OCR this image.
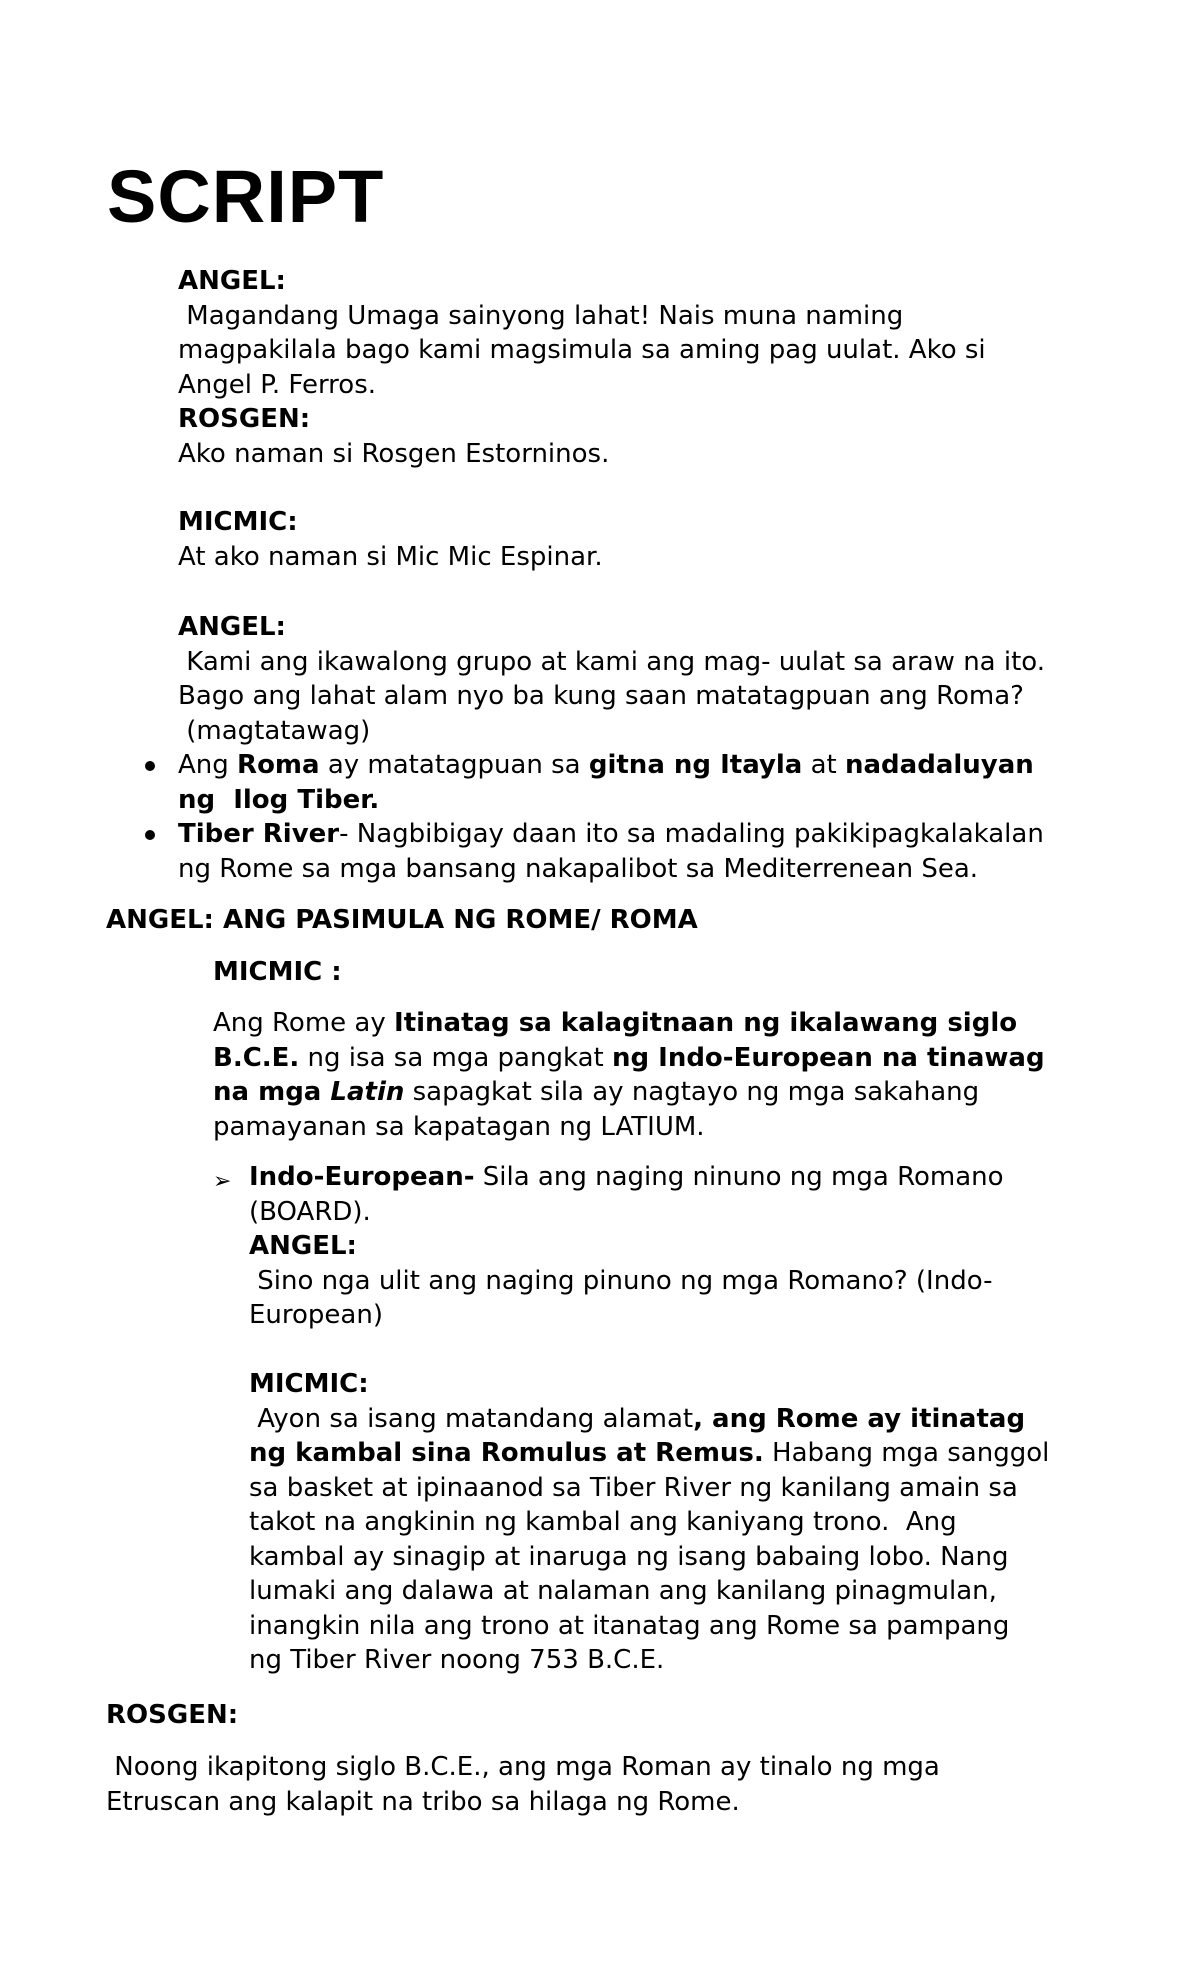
SCRIPT
ANGEL:
Magandang Umaga sainyong lahat! Nais muna naming magpakilala bago kami magsimula sa aming pag uulat. Ako si Angel P. Ferros.
ROSGEN:
Ako naman si Rosgen Estorninos.
MICMIC:
At ako naman si Mic Mic Espinar.
ANGEL:
Kami ang ikawalong grupo at kami ang mag- uulat sa araw na ito.
Bago ang lahat alam nyo ba kung saan matatagpuan ang Roma?
(magtatawag)
Ang Roma ay matatagpuan sa gitna ng Itayla at nadadaluyan
ng  Ilog Tiber.
Tiber River- Nagbibigay daan ito sa madaling pakikipagkalakalan
ng Rome sa mga bansang nakapalibot sa Mediterrenean Sea.
ANGEL: ANG PASIMULA NG ROME/ ROMA
MICMIC :
Ang Rome ay Itinatag sa kalagitnaan ng ikalawang siglo
B.C.E. ng isa sa mga pangkat ng Indo-European na tinawag
na mga Latin sapagkat sila ay nagtayo ng mga sakahang
pamayanan sa kapatagan ng LATIUM.
➢ Indo-European- Sila ang naging ninuno ng mga Romano
(BOARD).
ANGEL:
Sino nga ulit ang naging pinuno ng mga Romano? (Indo-
European)
MICMIC:
Ayon sa isang matandang alamat, ang Rome ay itinatag
ng kambal sina Romulus at Remus. Habang mga sanggol
sa basket at ipinaanod sa Tiber River ng kanilang amain sa
takot na angkinin ng kambal ang kaniyang trono.  Ang
kambal ay sinagip at inaruga ng isang babaing lobo. Nang
lumaki ang dalawa at nalaman ang kanilang pinagmulan,
inangkin nila ang trono at itanatag ang Rome sa pampang
ng Tiber River noong 753 B.C.E.
ROSGEN:
Noong ikapitong siglo B.C.E., ang mga Roman ay tinalo ng mga
Etruscan ang kalapit na tribo sa hilaga ng Rome.
